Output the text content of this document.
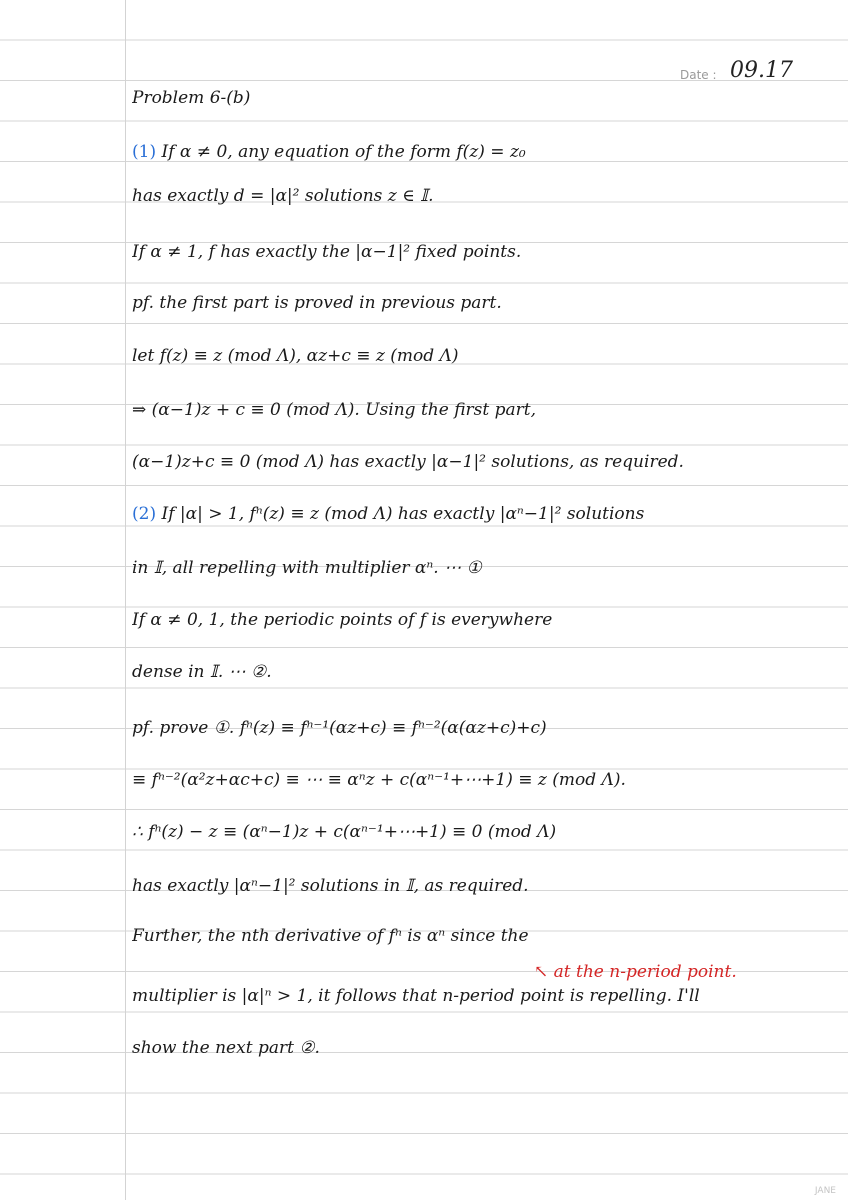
Date : 09.17
Problem 6-(b)
(1) If α ≠ 0, any equation of the form f(z) = z₀
has exactly d = |α|² solutions z ∈ 𝕀.
If α ≠ 1, f has exactly the |α−1|² fixed points.
pf. the first part is proved in previous part.
let f(z) ≡ z (mod Λ), αz+c ≡ z (mod Λ)
⇒ (α−1)z + c ≡ 0 (mod Λ). Using the first part,
(α−1)z+c ≡ 0 (mod Λ) has exactly |α−1|² solutions, as required.
(2) If |α| > 1, fⁿ(z) ≡ z (mod Λ) has exactly |αⁿ−1|² solutions
in 𝕀, all repelling with multiplier αⁿ. ⋯ ①
If α ≠ 0, 1, the periodic points of f is everywhere
dense in 𝕀. ⋯ ②.
pf. prove ①. fⁿ(z) ≡ fⁿ⁻¹(αz+c) ≡ fⁿ⁻²(α(αz+c)+c)
≡ fⁿ⁻²(α²z+αc+c) ≡ ⋯ ≡ αⁿz + c(αⁿ⁻¹+⋯+1) ≡ z (mod Λ).
∴ fⁿ(z) − z ≡ (αⁿ−1)z + c(αⁿ⁻¹+⋯+1) ≡ 0 (mod Λ)
has exactly |αⁿ−1|² solutions in 𝕀, as required.
Further, the nth derivative of fⁿ is αⁿ since the
multiplier is |α|ⁿ > 1, it follows that n-period point is repelling. I'll
show the next part ②.
↖ at the n-period point.
JANE
